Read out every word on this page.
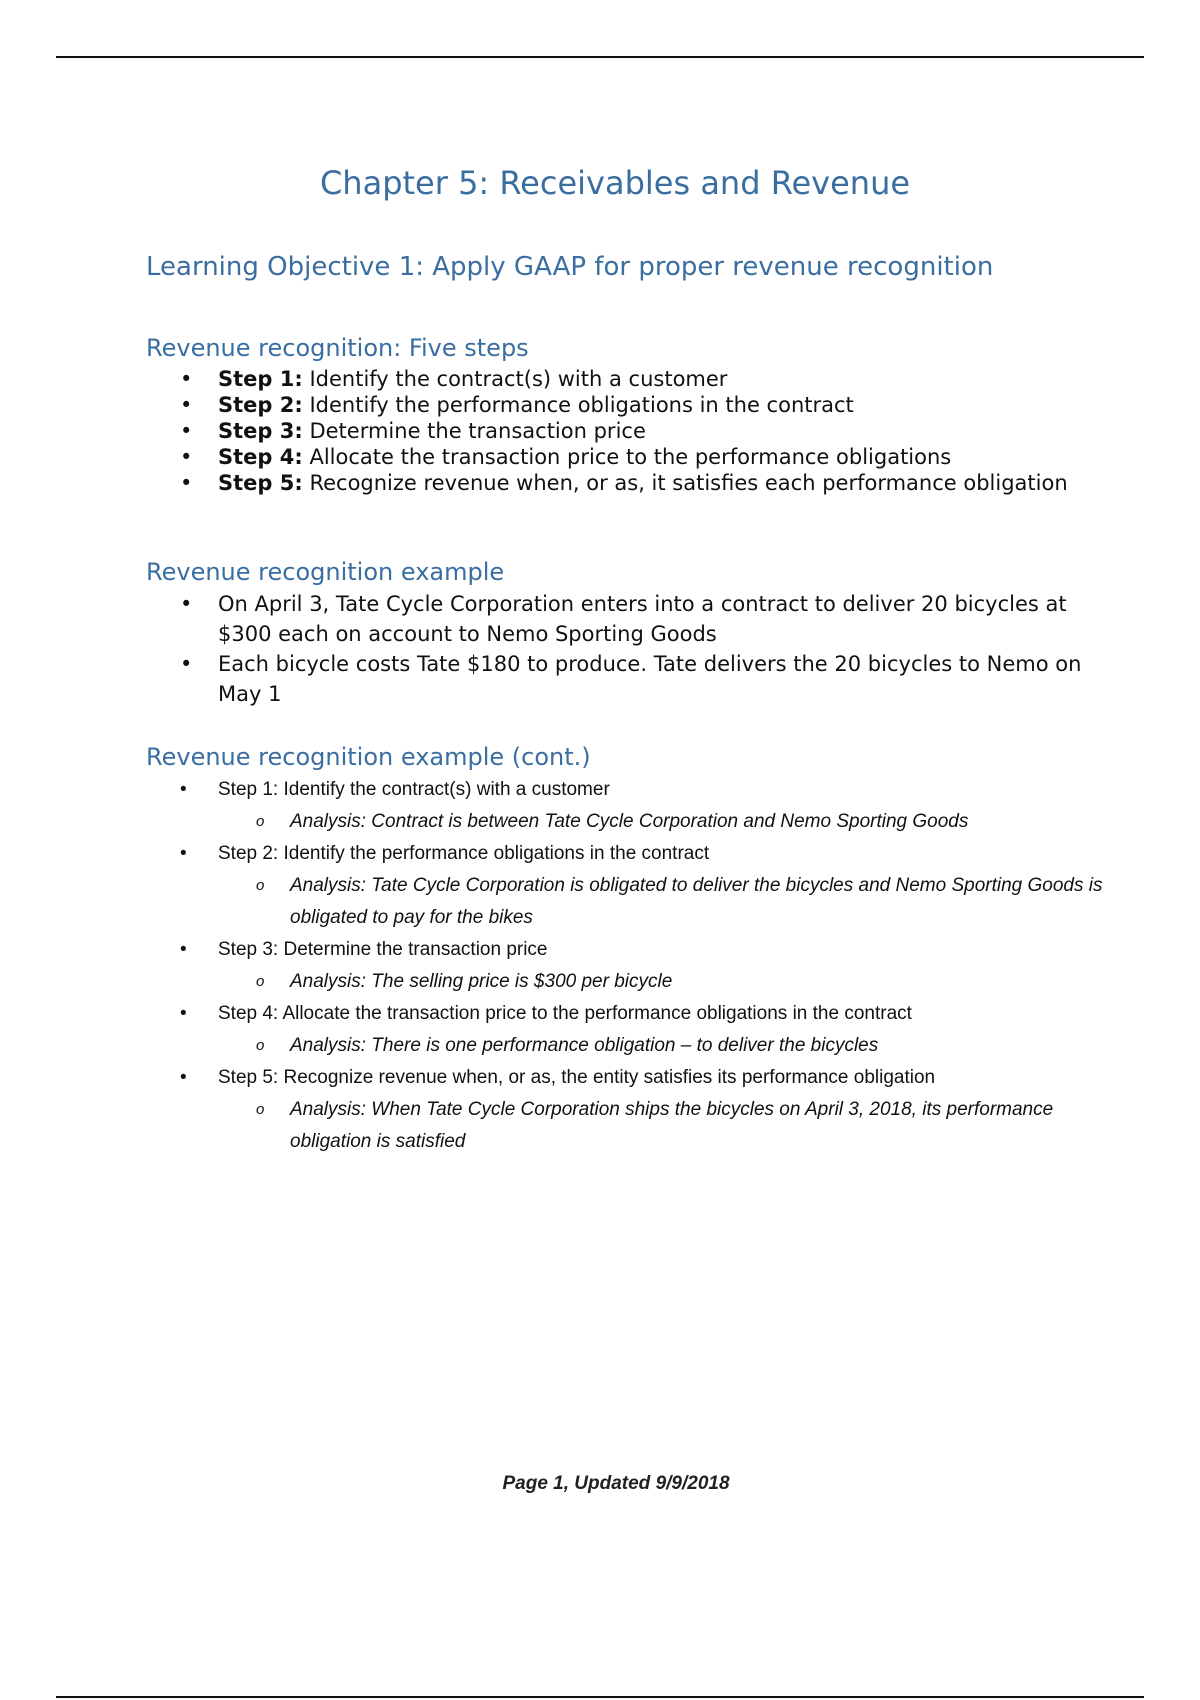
Chapter 5: Receivables and Revenue
Learning Objective 1: Apply GAAP for proper revenue recognition
Revenue recognition: Five steps
• Step 1: Identify the contract(s) with a customer
• Step 2: Identify the performance obligations in the contract
• Step 3: Determine the transaction price
• Step 4: Allocate the transaction price to the performance obligations
• Step 5: Recognize revenue when, or as, it satisfies each performance obligation
Revenue recognition example
• On April 3, Tate Cycle Corporation enters into a contract to deliver 20 bicycles at $300 each on account to Nemo Sporting Goods
• Each bicycle costs Tate $180 to produce. Tate delivers the 20 bicycles to Nemo on May 1
Revenue recognition example (cont.)
• Step 1: Identify the contract(s) with a customer
o Analysis: Contract is between Tate Cycle Corporation and Nemo Sporting Goods
• Step 2: Identify the performance obligations in the contract
o Analysis: Tate Cycle Corporation is obligated to deliver the bicycles and Nemo Sporting Goods is obligated to pay for the bikes
• Step 3: Determine the transaction price
o Analysis: The selling price is $300 per bicycle
• Step 4: Allocate the transaction price to the performance obligations in the contract
o Analysis: There is one performance obligation – to deliver the bicycles
• Step 5: Recognize revenue when, or as, the entity satisfies its performance obligation
o Analysis: When Tate Cycle Corporation ships the bicycles on April 3, 2018, its performance obligation is satisfied
Page 1, Updated 9/9/2018
